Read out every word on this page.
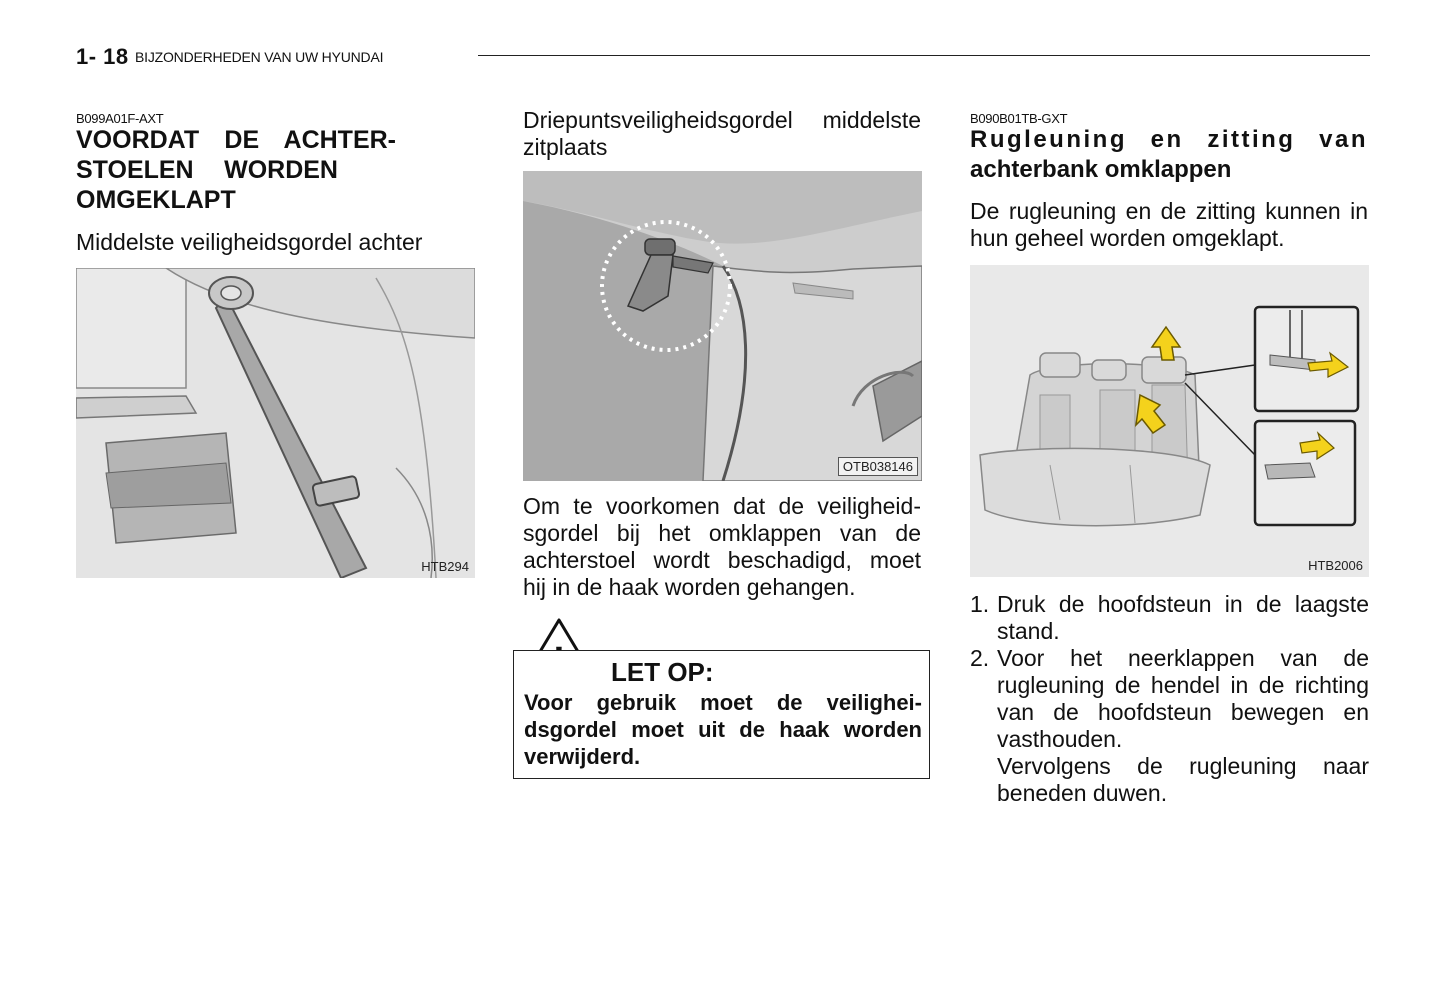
1- 18 BIJZONDERHEDEN VAN UW HYUNDAI
B099A01F-AXT
VOORDAT DE ACHTER-
STOELEN WORDEN
OMGEKLAPT
Middelste veiligheidsgordel achter
HTB294
Driepuntsveiligheidsgordel middelste
zitplaats
OTB038146
Om te voorkomen dat de veiligheid-
sgordel bij het omklappen van de
achterstoel wordt beschadigd, moet
hij in de haak worden gehangen.
LET OP:
Voor gebruik moet de veilighei-
dsgordel moet uit de haak worden
verwijderd.
B090B01TB-GXT
Rugleuning en zitting van
achterbank omklappen
De rugleuning en de zitting kunnen in
hun geheel worden omgeklapt.
HTB2006
1. Druk de hoofdsteun in de laagste
stand.
2. Voor het neerklappen van de
rugleuning de hendel in de richting
van de hoofdsteun bewegen en
vasthouden.
Vervolgens de rugleuning naar
beneden duwen.
